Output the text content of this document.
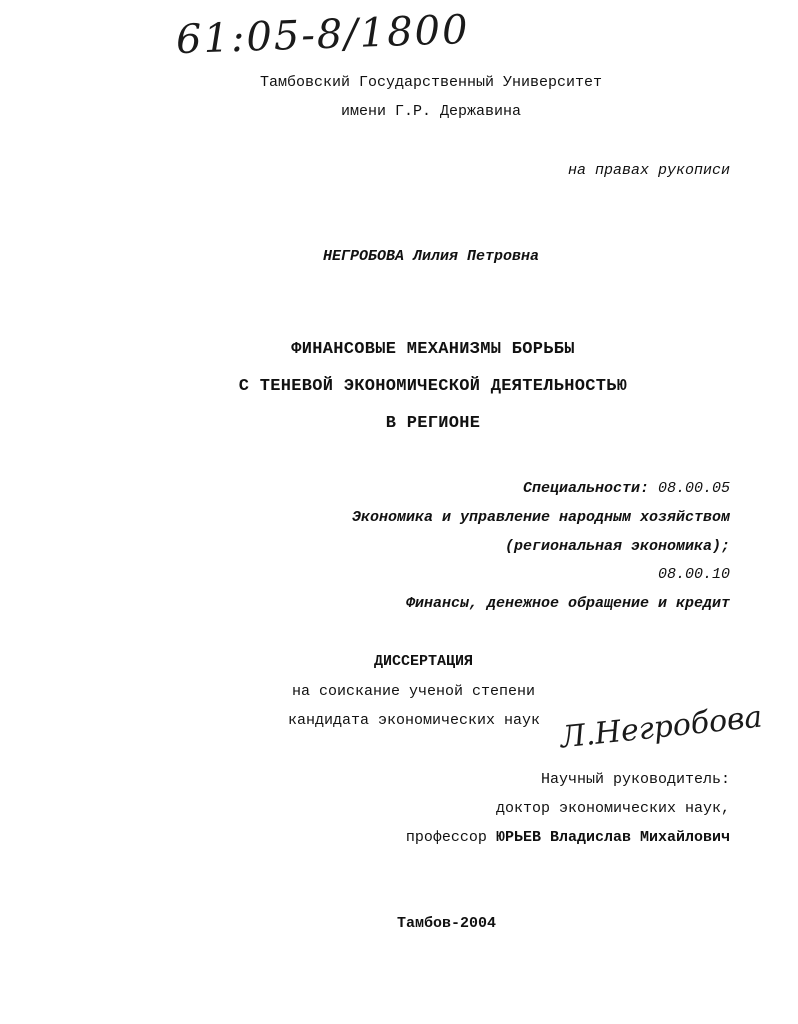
61:05-8/1800
Тамбовский Государственный Университет
имени Г.Р. Державина
на правах рукописи
НЕГРОБОВА Лилия Петровна
ФИНАНСОВЫЕ МЕХАНИЗМЫ БОРЬБЫ
С ТЕНЕВОЙ ЭКОНОМИЧЕСКОЙ ДЕЯТЕЛЬНОСТЬЮ
В РЕГИОНЕ
Специальности: 08.00.05
Экономика и управление народным хозяйством
(региональная экономика);
08.00.10
Финансы, денежное обращение и кредит
ДИССЕРТАЦИЯ
на соискание ученой степени
кандидата экономических наук Л.Негробова
Научный руководитель:
доктор экономических наук,
профессор ЮРЬЕВ Владислав Михайлович
Тамбов-2004
